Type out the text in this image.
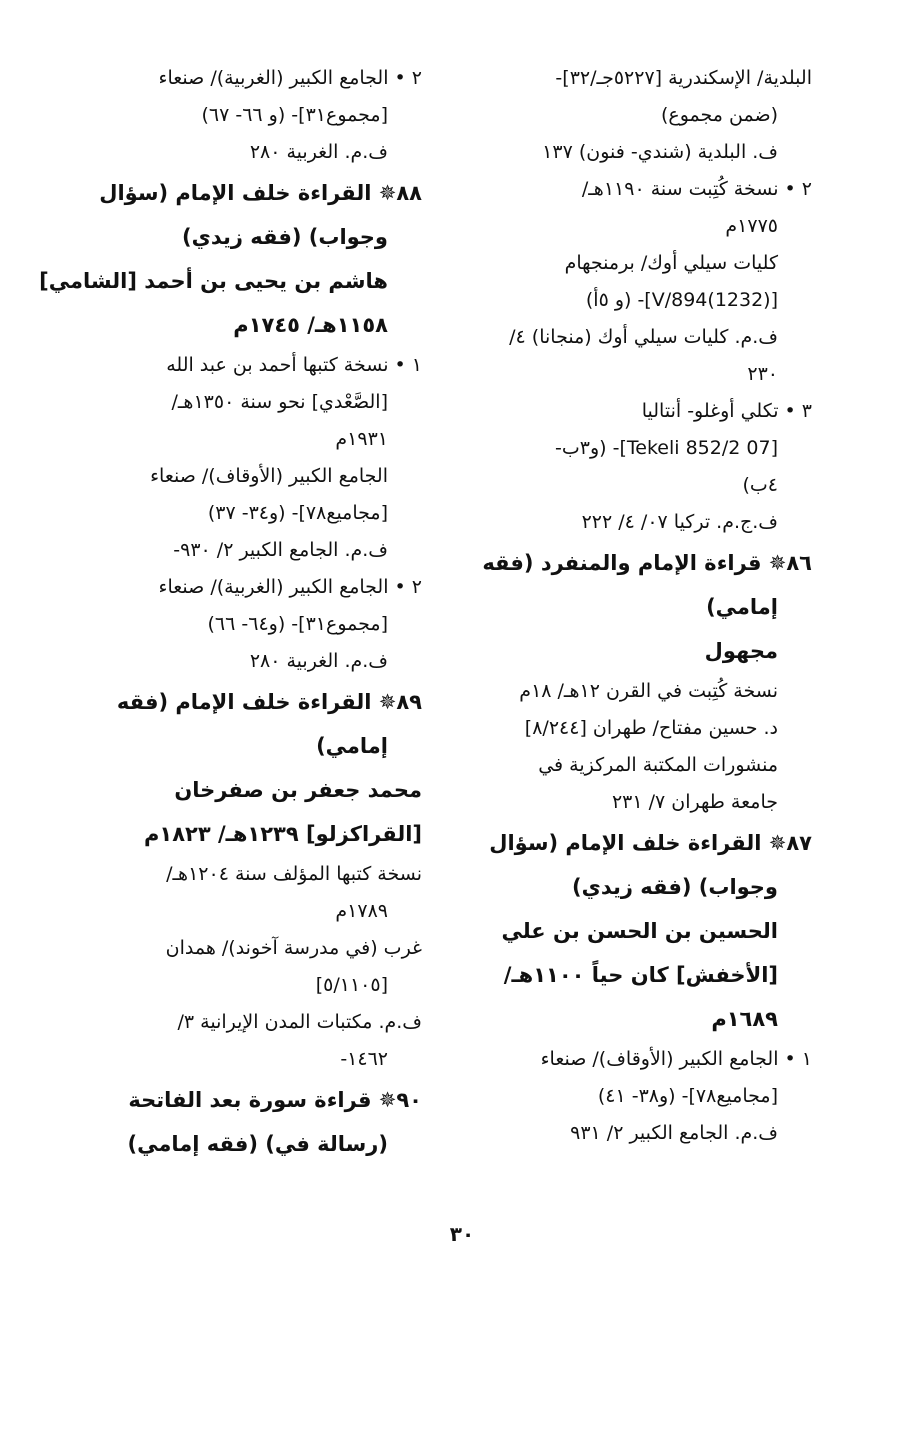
البلدية/ الإسكندرية [٥٢٢٧جـ/٣٢]-
(ضمن مجموع)
ف. البلدية (شندي- فنون) ١٣٧
٢ • نسخة كُتِبت سنة ١١٩٠هـ/
١٧٧٥م
كليات سيلي أوك/ برمنجهام
[(1232)894/V]- (و ٥أ)
ف.م. كليات سيلي أوك (منجانا) ٤/
٢٣٠
٣ • تكلي أوغلو- أنتاليا
[07 Tekeli 852/2]- (و٣ب-
٤ب)
ف.ج.م. تركيا ٠٧/ ٤/ ٢٢٢
٨٦✵ قراءة الإمام والمنفرد (فقه
إمامي)
مجهول
نسخة كُتِبت في القرن ١٢هـ/ ١٨م
د. حسين مفتاح/ طهران [٨/٢٤٤]
منشورات المكتبة المركزية في
جامعة طهران ٧/ ٢٣١
٨٧✵ القراءة خلف الإمام (سؤال
وجواب) (فقه زيدي)
الحسين بن الحسن بن علي
[الأخفش] كان حياً ١١٠٠هـ/
١٦٨٩م
١ • الجامع الكبير (الأوقاف)/ صنعاء
[مجاميع٧٨]- (و٣٨- ٤١)
ف.م. الجامع الكبير ٢/ ٩٣١
٢ • الجامع الكبير (الغربية)/ صنعاء
[مجموع٣١]- (و ٦٦- ٦٧)
ف.م. الغربية ٢٨٠
٨٨✵ القراءة خلف الإمام (سؤال
وجواب) (فقه زيدي)
هاشم بن يحيى بن أحمد [الشامي]
١١٥٨هـ/ ١٧٤٥م
١ • نسخة كتبها أحمد بن عبد الله
[الصَّعْدي] نحو سنة ١٣٥٠هـ/
١٩٣١م
الجامع الكبير (الأوقاف)/ صنعاء
[مجاميع٧٨]- (و٣٤- ٣٧)
ف.م. الجامع الكبير ٢/ ٩٣٠-
٢ • الجامع الكبير (الغربية)/ صنعاء
[مجموع٣١]- (و٦٤- ٦٦)
ف.م. الغربية ٢٨٠
٨٩✵ القراءة خلف الإمام (فقه
إمامي)
محمد جعفر بن صفرخان
[القراكزلو] ١٢٣٩هـ/ ١٨٢٣م
نسخة كتبها المؤلف سنة ١٢٠٤هـ/
١٧٨٩م
غرب (في مدرسة آخوند)/ همدان
[٥/١١٠٥]
ف.م. مكتبات المدن الإيرانية ٣/
١٤٦٢-
٩٠✵ قراءة سورة بعد الفاتحة
(رسالة في) (فقه إمامي)
٣٠
